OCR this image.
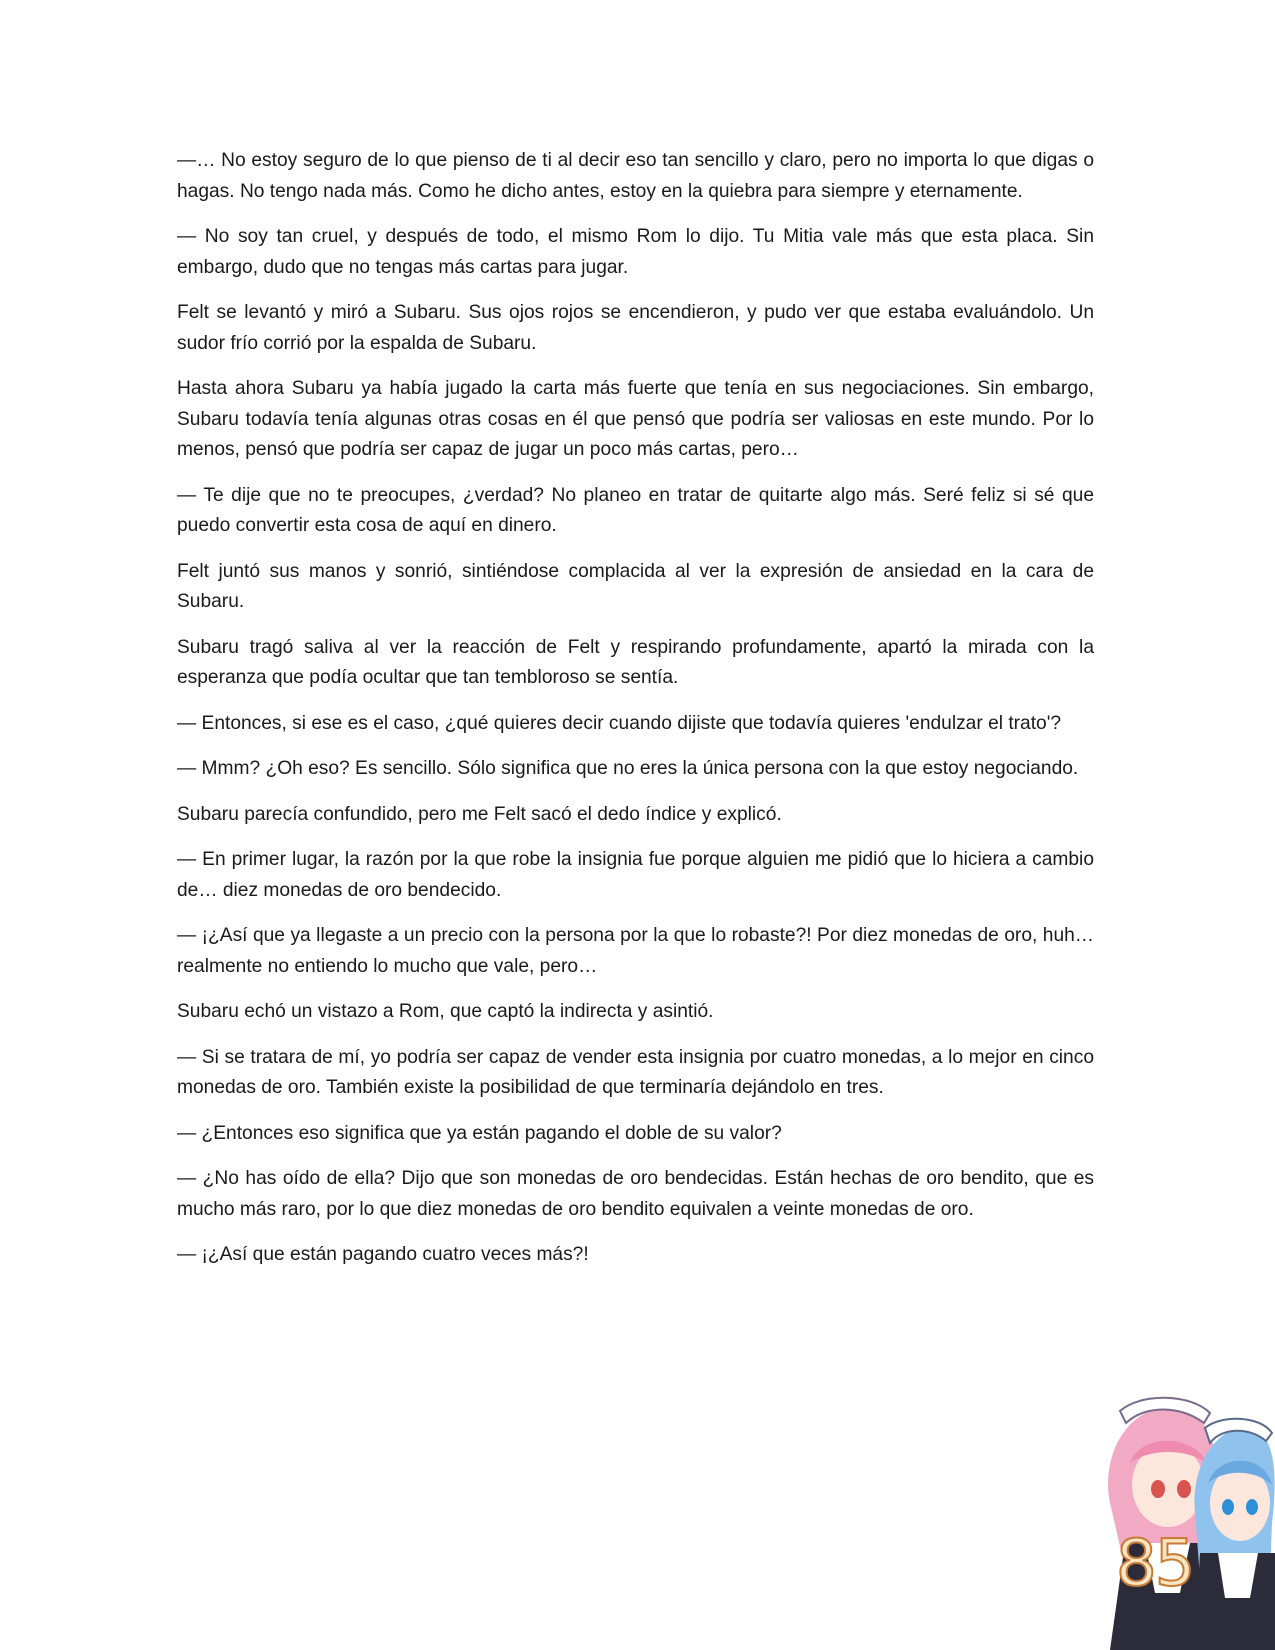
—… No estoy seguro de lo que pienso de ti al decir eso tan sencillo y claro, pero no importa lo que digas o hagas. No tengo nada más. Como he dicho antes, estoy en la quiebra para siempre y eternamente.

— No soy tan cruel, y después de todo, el mismo Rom lo dijo. Tu Mitia vale más que esta placa. Sin embargo, dudo que no tengas más cartas para jugar.

Felt se levantó y miró a Subaru. Sus ojos rojos se encendieron, y pudo ver que estaba evaluándolo. Un sudor frío corrió por la espalda de Subaru.

Hasta ahora Subaru ya había jugado la carta más fuerte que tenía en sus negociaciones. Sin embargo, Subaru todavía tenía algunas otras cosas en él que pensó que podría ser valiosas en este mundo. Por lo menos, pensó que podría ser capaz de jugar un poco más cartas, pero…

— Te dije que no te preocupes, ¿verdad? No planeo en tratar de quitarte algo más. Seré feliz si sé que puedo convertir esta cosa de aquí en dinero.

Felt juntó sus manos y sonrió, sintiéndose complacida al ver la expresión de ansiedad en la cara de Subaru.

Subaru tragó saliva al ver la reacción de Felt y respirando profundamente, apartó la mirada con la esperanza que podía ocultar que tan tembloroso se sentía.

— Entonces, si ese es el caso, ¿qué quieres decir cuando dijiste que todavía quieres 'endulzar el trato'?

— Mmm? ¿Oh eso? Es sencillo. Sólo significa que no eres la única persona con la que estoy negociando.

Subaru parecía confundido, pero me Felt sacó el dedo índice y explicó.

— En primer lugar, la razón por la que robe la insignia fue porque alguien me pidió que lo hiciera a cambio de… diez monedas de oro bendecido.

— ¡¿Así que ya llegaste a un precio con la persona por la que lo robaste?! Por diez monedas de oro, huh… realmente no entiendo lo mucho que vale, pero…

Subaru echó un vistazo a Rom, que captó la indirecta y asintió.

— Si se tratara de mí, yo podría ser capaz de vender esta insignia por cuatro monedas, a lo mejor en cinco monedas de oro. También existe la posibilidad de que terminaría dejándolo en tres.

— ¿Entonces eso significa que ya están pagando el doble de su valor?

— ¿No has oído de ella? Dijo que son monedas de oro bendecidas. Están hechas de oro bendito, que es mucho más raro, por lo que diez monedas de oro bendito equivalen a veinte monedas de oro.

— ¡¿Así que están pagando cuatro veces más?!

85
